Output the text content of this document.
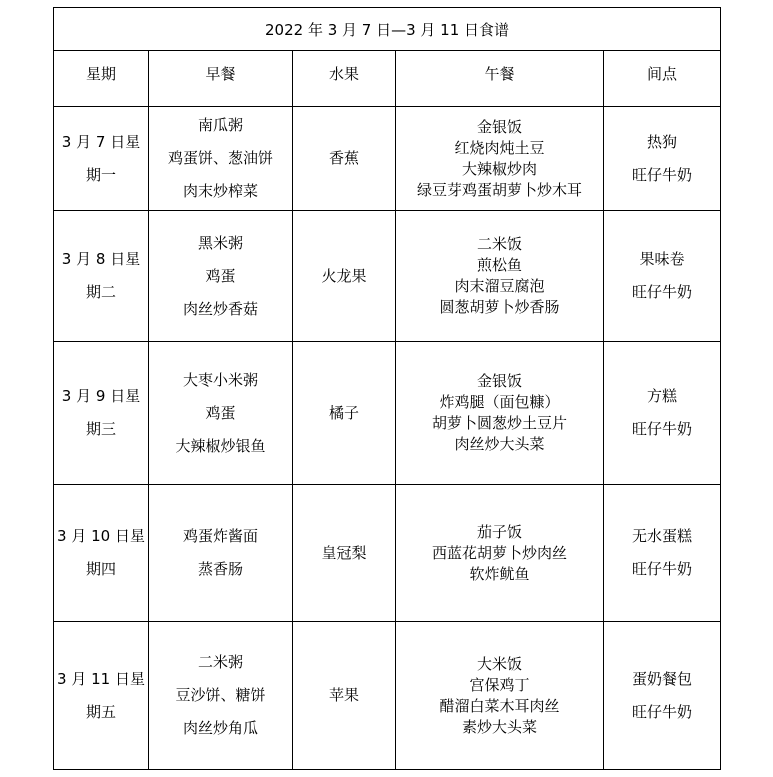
2022 年 3 月 7 日—3 月 11 日食谱				

星期	早餐	水果	午餐	间点

3 月 7 日星
期一	南瓜粥
鸡蛋饼、葱油饼
肉末炒榨菜	香蕉	金银饭
红烧肉炖土豆
大辣椒炒肉
绿豆芽鸡蛋胡萝卜炒木耳	热狗
旺仔牛奶

3 月 8 日星
期二	黑米粥
鸡蛋
肉丝炒香菇	火龙果	二米饭
煎松鱼
肉末溜豆腐泡
圆葱胡萝卜炒香肠	果味卷
旺仔牛奶

3 月 9 日星
期三	大枣小米粥
鸡蛋
大辣椒炒银鱼	橘子	金银饭
炸鸡腿（面包糠）
胡萝卜圆葱炒土豆片
肉丝炒大头菜	方糕
旺仔牛奶

3 月 10 日星
期四	鸡蛋炸酱面
蒸香肠	皇冠梨	茄子饭
西蓝花胡萝卜炒肉丝
软炸鱿鱼	无水蛋糕
旺仔牛奶

3 月 11 日星
期五	二米粥
豆沙饼、糖饼
肉丝炒角瓜	苹果	大米饭
宫保鸡丁
醋溜白菜木耳肉丝
素炒大头菜	蛋奶餐包
旺仔牛奶
